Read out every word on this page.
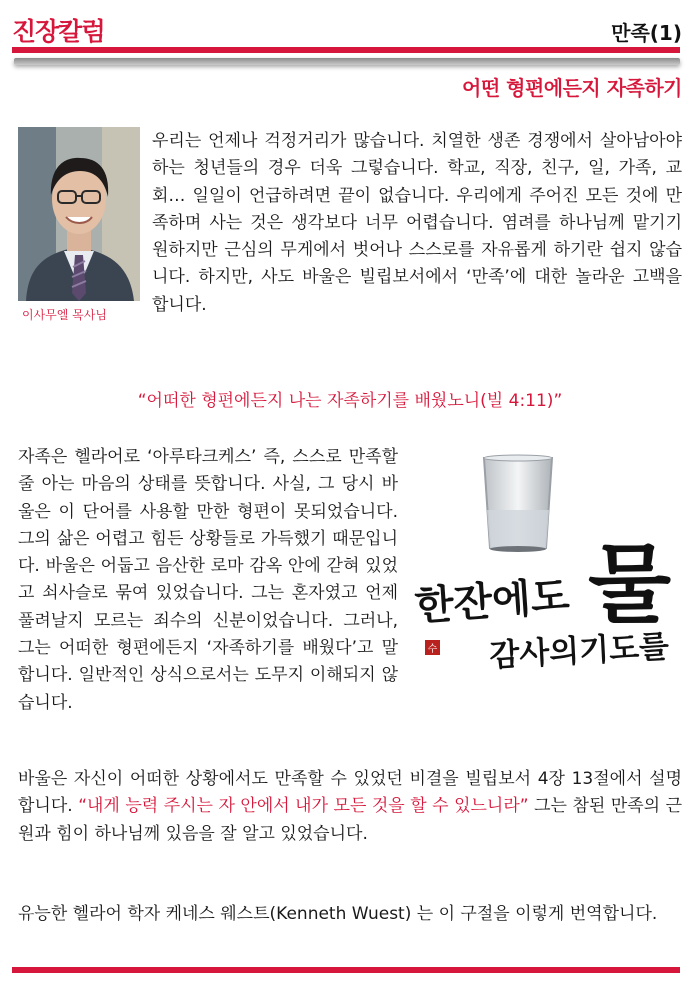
진장칼럼	만족(1)
어떤 형편에든지 자족하기
이사무엘 목사님
우리는 언제나 걱정거리가 많습니다. 치열한 생존 경쟁에서 살아남아야 하는 청년들의 경우 더욱 그렇습니다. 학교, 직장, 친구, 일, 가족, 교회… 일일이 언급하려면 끝이 없습니다. 우리에게 주어진 모든 것에 만족하며 사는 것은 생각보다 너무 어렵습니다. 염려를 하나님께 맡기기 원하지만 근심의 무게에서 벗어나 스스로를 자유롭게 하기란 쉽지 않습니다. 하지만, 사도 바울은 빌립보서에서 ‘만족’에 대한 놀라운 고백을 합니다.
“어떠한 형편에든지 나는 자족하기를 배웠노니(빌 4:11)”
수
한잔에도 물
감사의기도를
자족은 헬라어로 ‘아루타크케스’ 즉, 스스로 만족할 줄 아는 마음의 상태를 뜻합니다. 사실, 그 당시 바울은 이 단어를 사용할 만한 형편이 못되었습니다. 그의 삶은 어렵고 힘든 상황들로 가득했기 때문입니다. 바울은 어둡고 음산한 로마 감옥 안에 갇혀 있었고 쇠사슬로 묶여 있었습니다. 그는 혼자였고 언제 풀려날지 모르는 죄수의 신분이었습니다. 그러나, 그는 어떠한 형편에든지 ‘자족하기를 배웠다’고 말합니다. 일반적인 상식으로서는 도무지 이해되지 않습니다.
바울은 자신이 어떠한 상황에서도 만족할 수 있었던 비결을 빌립보서 4장 13절에서 설명합니다. “내게 능력 주시는 자 안에서 내가 모든 것을 할 수 있느니라” 그는 참된 만족의 근원과 힘이 하나님께 있음을 잘 알고 있었습니다.
유능한 헬라어 학자 케네스 웨스트(Kenneth Wuest) 는 이 구절을 이렇게 번역합니다.
